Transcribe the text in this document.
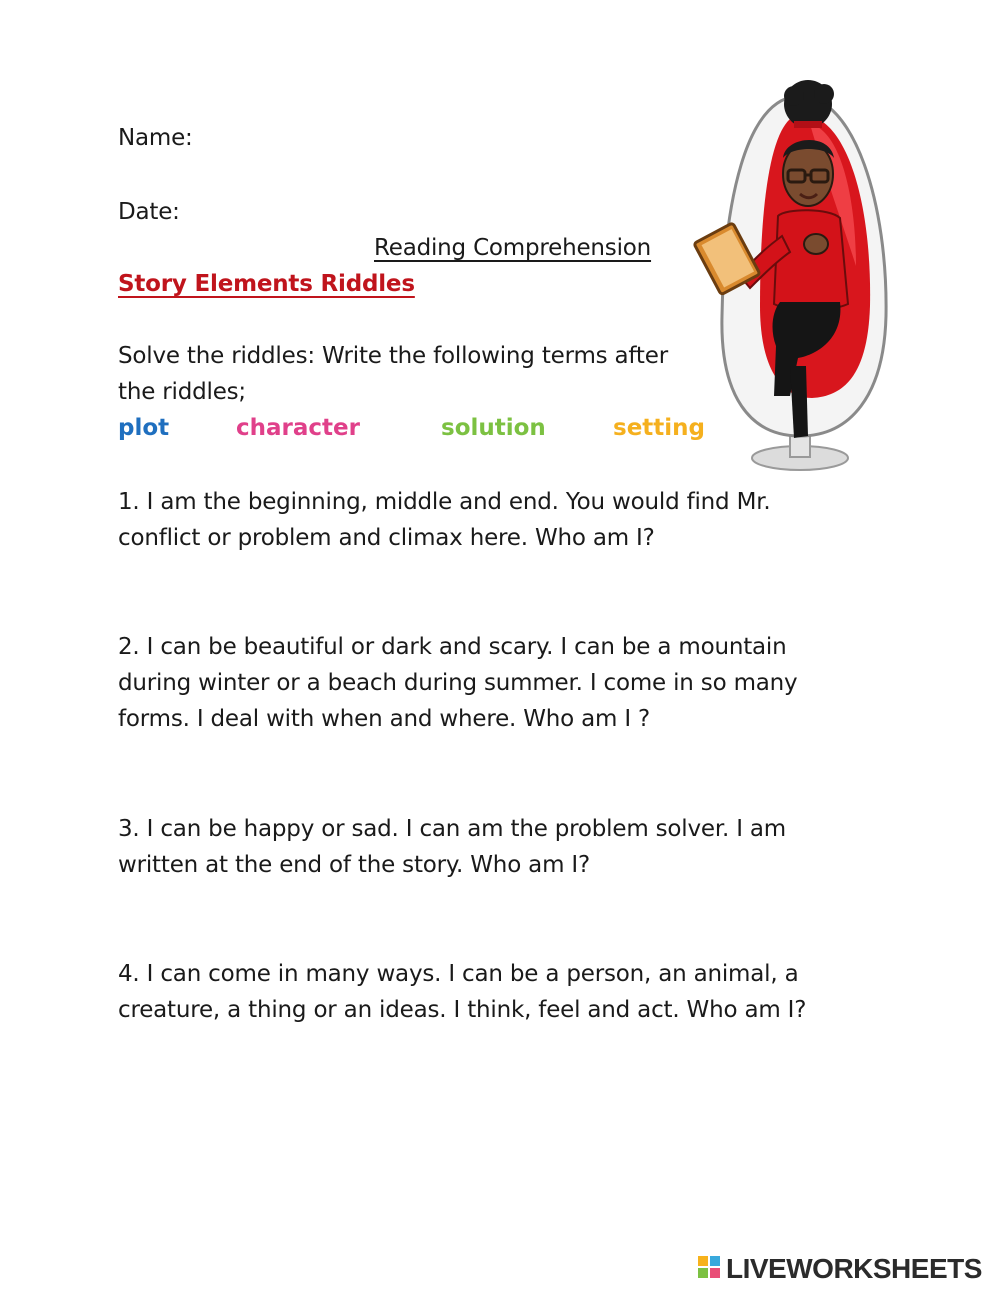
Name:
Date:
Reading Comprehension
Story Elements Riddles
Solve the riddles: Write the following terms after
the riddles;
plot	character	solution	setting
1. I am the beginning, middle and end. You would find Mr.
conflict or problem and climax here. Who am I?
2. I can be beautiful or dark and scary. I can be a mountain
during winter or a beach during summer. I come in so many
forms. I deal with when and where. Who am I ?
3. I can be happy or sad. I can am the problem solver. I am
written at the end of the story. Who am I?
4. I can come in many ways. I can be a person, an animal, a
creature, a thing or an ideas. I think, feel and act. Who am I?
LIVEWORKSHEETS
